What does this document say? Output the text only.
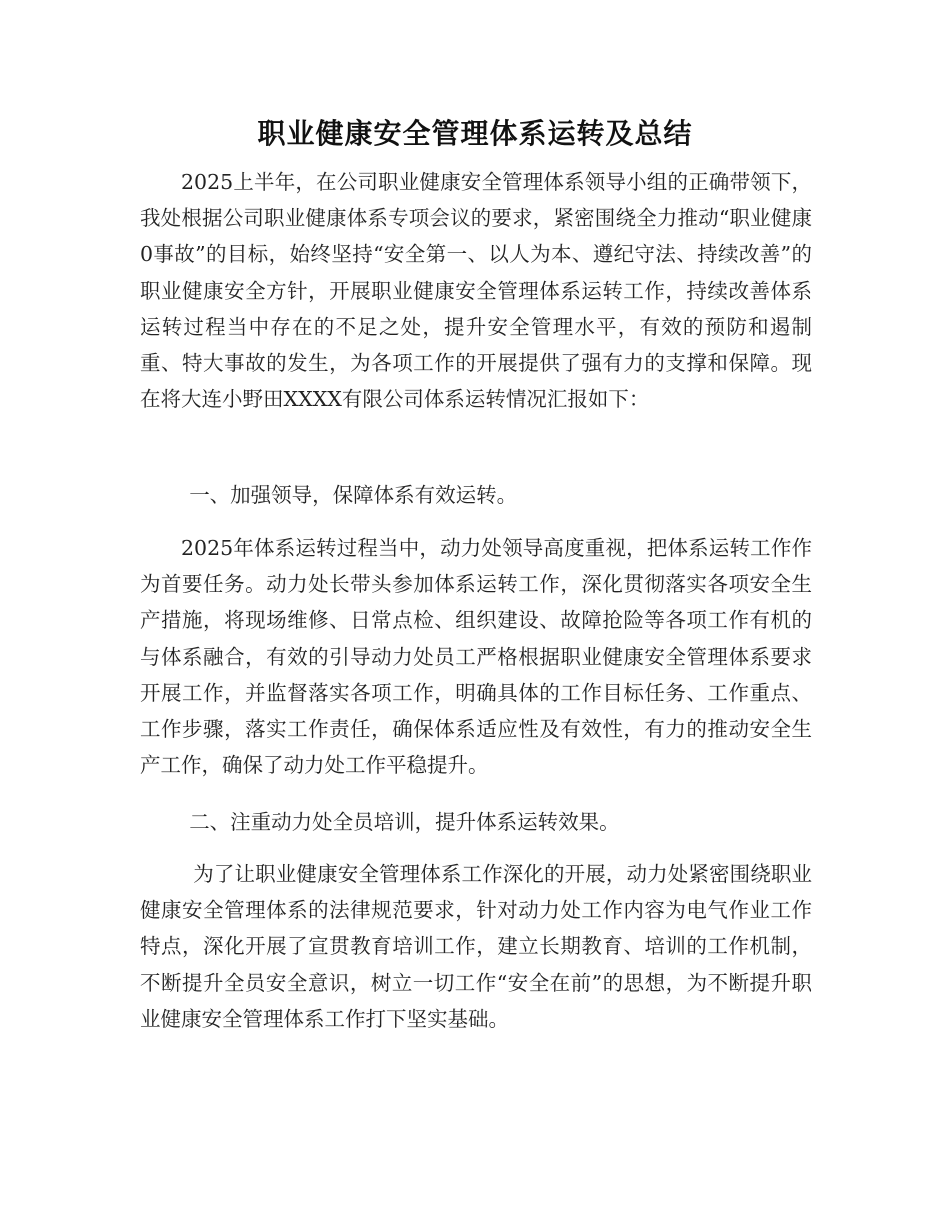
职业健康安全管理体系运转及总结

2025上半年，在公司职业健康安全管理体系领导小组的正确带领下，我处根据公司职业健康体系专项会议的要求，紧密围绕全力推动“职业健康0事故”的目标，始终坚持“安全第一、以人为本、遵纪守法、持续改善”的职业健康安全方针，开展职业健康安全管理体系运转工作，持续改善体系运转过程当中存在的不足之处，提升安全管理水平，有效的预防和遏制重、特大事故的发生，为各项工作的开展提供了强有力的支撑和保障。现在将大连小野田XXXX有限公司体系运转情况汇报如下：

一、加强领导，保障体系有效运转。

2025年体系运转过程当中，动力处领导高度重视，把体系运转工作作为首要任务。动力处长带头参加体系运转工作，深化贯彻落实各项安全生产措施，将现场维修、日常点检、组织建设、故障抢险等各项工作有机的与体系融合，有效的引导动力处员工严格根据职业健康安全管理体系要求开展工作，并监督落实各项工作，明确具体的工作目标任务、工作重点、工作步骤，落实工作责任，确保体系适应性及有效性，有力的推动安全生产工作，确保了动力处工作平稳提升。

二、注重动力处全员培训，提升体系运转效果。

为了让职业健康安全管理体系工作深化的开展，动力处紧密围绕职业健康安全管理体系的法律规范要求，针对动力处工作内容为电气作业工作特点，深化开展了宣贯教育培训工作，建立长期教育、培训的工作机制，不断提升全员安全意识，树立一切工作“安全在前”的思想，为不断提升职业健康安全管理体系工作打下坚实基础。
